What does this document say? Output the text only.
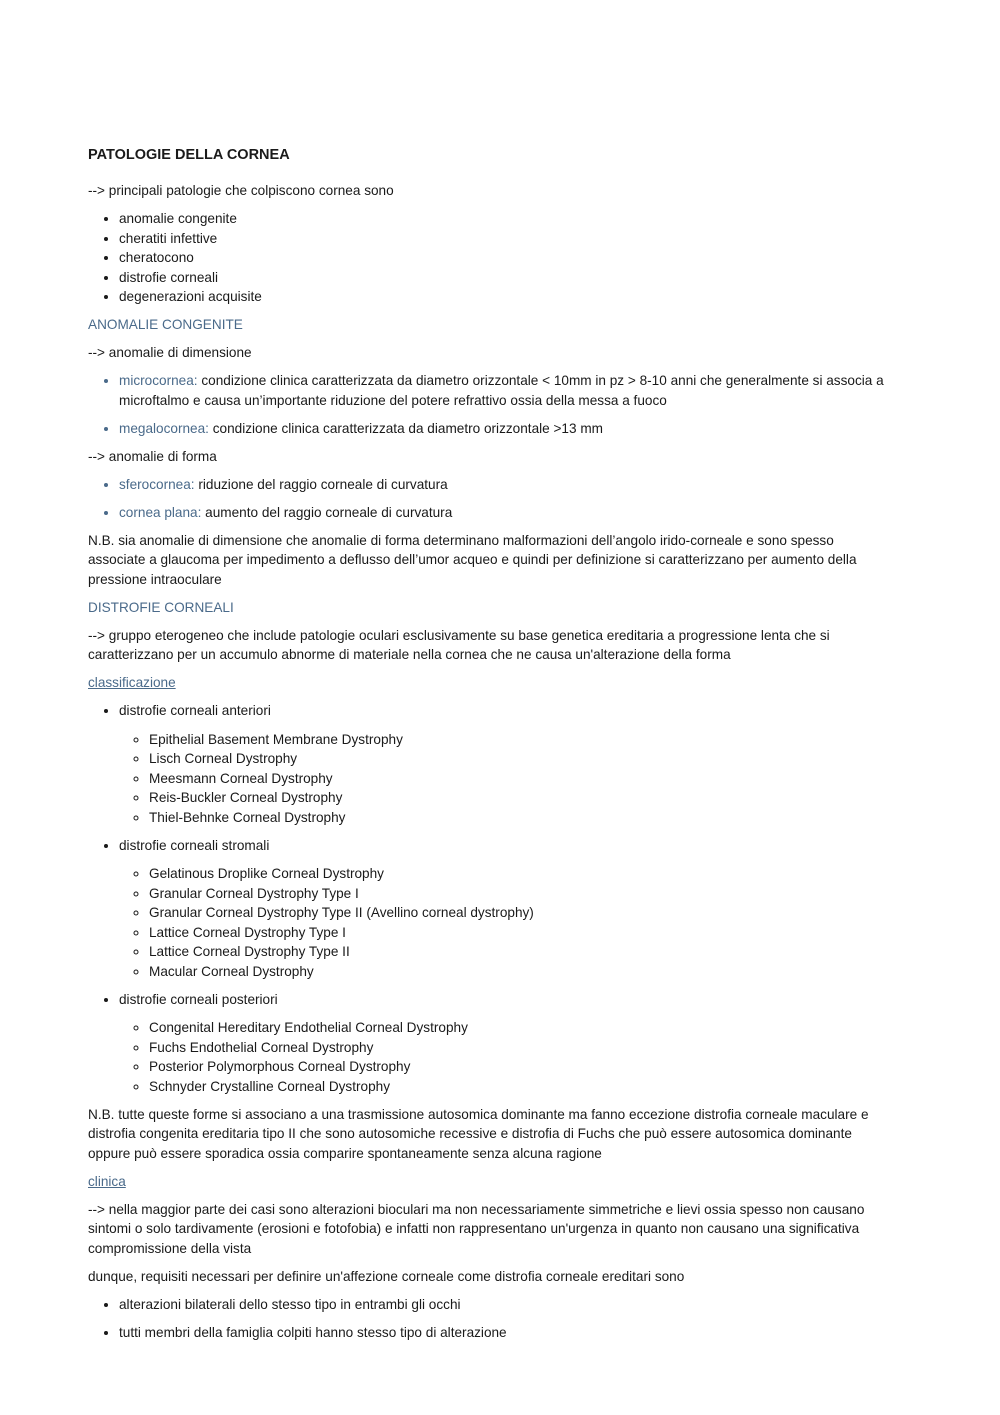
PATOLOGIE DELLA CORNEA

--> principali patologie che colpiscono cornea sono

• anomalie congenite
• cheratiti infettive
• cheratocono
• distrofie corneali
• degenerazioni acquisite
ANOMALIE CONGENITE

--> anomalie di dimensione

• microcornea: condizione clinica caratterizzata da diametro orizzontale < 10mm in pz > 8-10 anni che generalmente si associa a microftalmo e causa un’importante riduzione del potere refrattivo ossia della messa a fuoco
• megalocornea: condizione clinica caratterizzata da diametro orizzontale >13 mm

--> anomalie di forma

• sferocornea: riduzione del raggio corneale di curvatura
• cornea plana: aumento del raggio corneale di curvatura

N.B. sia anomalie di dimensione che anomalie di forma determinano malformazioni dell’angolo irido-corneale e sono spesso associate a glaucoma per impedimento a deflusso dell’umor acqueo e quindi per definizione si caratterizzano per aumento della pressione intraoculare

DISTROFIE CORNEALI

--> gruppo eterogeneo che include patologie oculari esclusivamente su base genetica ereditaria a progressione lenta che si caratterizzano per un accumulo abnorme di materiale nella cornea che ne causa un'alterazione della forma

classificazione
• distrofie corneali anteriori
◦ Epithelial Basement Membrane Dystrophy
◦ Lisch Corneal Dystrophy
◦ Meesmann Corneal Dystrophy
◦ Reis-Buckler Corneal Dystrophy
◦ Thiel-Behnke Corneal Dystrophy
• distrofie corneali stromali
◦ Gelatinous Droplike Corneal Dystrophy
◦ Granular Corneal Dystrophy Type I
◦ Granular Corneal Dystrophy Type II (Avellino corneal dystrophy)
◦ Lattice Corneal Dystrophy Type I
◦ Lattice Corneal Dystrophy Type II
◦ Macular Corneal Dystrophy
• distrofie corneali posteriori
◦ Congenital Hereditary Endothelial Corneal Dystrophy
◦ Fuchs Endothelial Corneal Dystrophy
◦ Posterior Polymorphous Corneal Dystrophy
◦ Schnyder Crystalline Corneal Dystrophy

N.B. tutte queste forme si associano a una trasmissione autosomica dominante ma fanno eccezione distrofia corneale maculare e distrofia congenita ereditaria tipo II che sono autosomiche recessive e distrofia di Fuchs che può essere autosomica dominante oppure può essere sporadica ossia comparire spontaneamente senza alcuna ragione

clinica

--> nella maggior parte dei casi sono alterazioni bioculari ma non necessariamente simmetriche e lievi ossia spesso non causano sintomi o solo tardivamente (erosioni e fotofobia) e infatti non rappresentano un'urgenza in quanto non causano una significativa compromissione della vista

dunque, requisiti necessari per definire un'affezione corneale come distrofia corneale ereditari sono

• alterazioni bilaterali dello stesso tipo in entrambi gli occhi
• tutti membri della famiglia colpiti hanno stesso tipo di alterazione
